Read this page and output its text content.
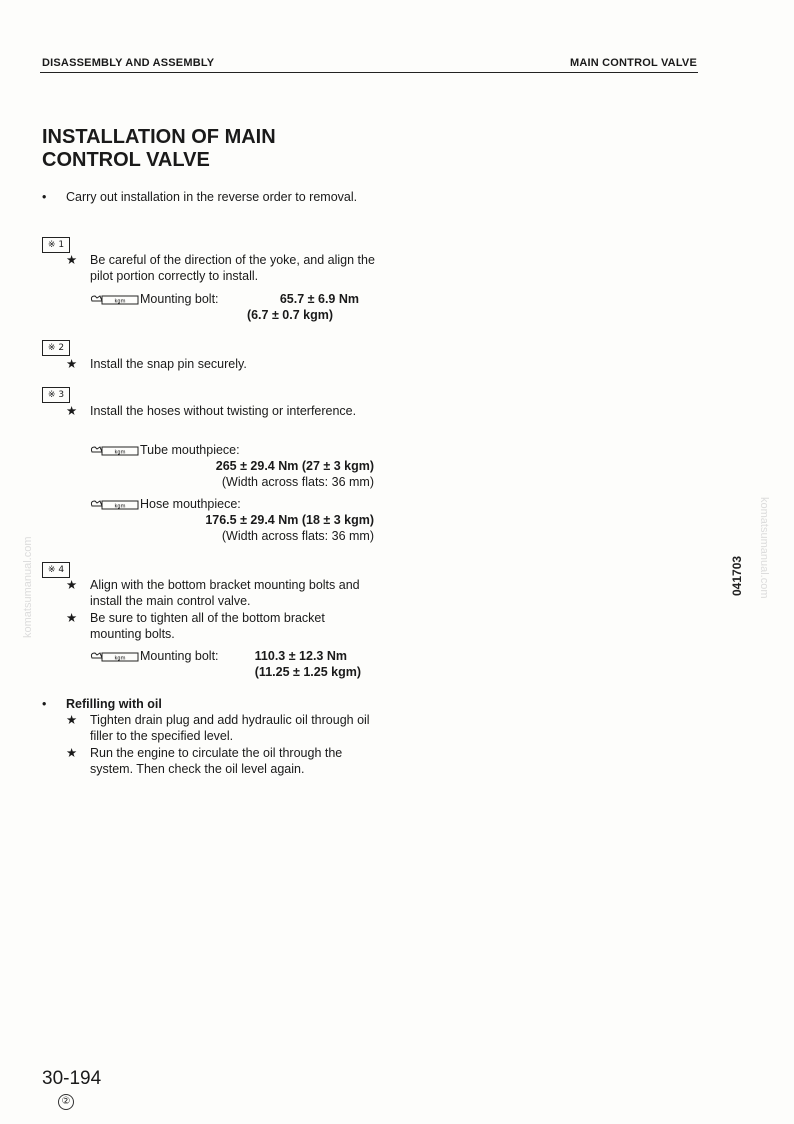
DISASSEMBLY AND ASSEMBLY	MAIN CONTROL VALVE
INSTALLATION OF MAIN
CONTROL VALVE
• Carry out installation in the reverse order to removal.
※ 1
★ Be careful of the direction of the yoke, and align the pilot portion correctly to install.
kgm Mounting bolt:	65.7 ± 6.9 Nm
(6.7 ± 0.7 kgm)
※ 2
★ Install the snap pin securely.
※ 3
★ Install the hoses without twisting or interference.
kgm Tube mouthpiece:
265 ± 29.4 Nm (27 ± 3 kgm)
(Width across flats: 36 mm)
kgm Hose mouthpiece:
176.5 ± 29.4 Nm (18 ± 3 kgm)
(Width across flats: 36 mm)
※ 4
★ Align with the bottom bracket mounting bolts and install the main control valve.
★ Be sure to tighten all of the bottom bracket mounting bolts.
kgm Mounting bolt:	110.3 ± 12.3 Nm
(11.25 ± 1.25 kgm)
• Refilling with oil
★ Tighten drain plug and add hydraulic oil through oil filler to the specified level.
★ Run the engine to circulate the oil through the system. Then check the oil level again.
041703
komatsumanual.com	komatsumanual.com
30-194
②
